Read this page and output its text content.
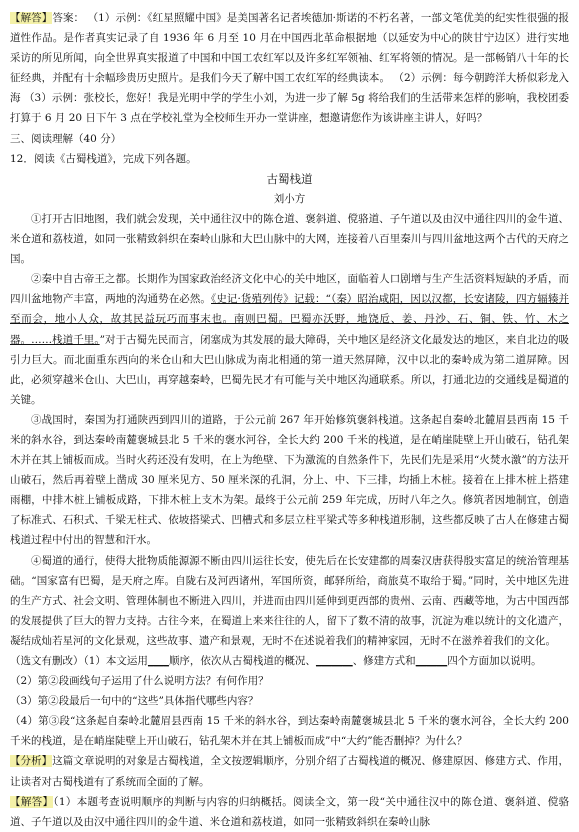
【解答】答案： （1）示例：《红星照耀中国》是美国著名记者埃德加·斯诺的不朽名著，一部文笔优美的纪实性很强的报道性作品。是作者真实记录了自 1936 年 6 月至 10 月在中国西北革命根据地（以延安为中心的陕甘宁边区）进行实地采访的所见所闻，向全世界真实报道了中国和中国工农红军以及许多红军领袖、红军将领的情况。是一部畅销八十年的长征经典，并配有十余幅珍贵历史照片。是我们今天了解中国工农红军的经典读本。 （2）示例：每今朝跨洋大桥似彩龙入海 （3）示例：张校长，您好！我是光明中学的学生小刘，为进一步了解 5g 将给我们的生活带来怎样的影响，我校团委打算于 6 月 20 日下午 3 点在学校礼堂为全校师生开办一堂讲座，想邀请您作为该讲座主讲人，好吗？

三、阅读理解（40 分）

12．阅读《古蜀栈道》，完成下列各题。

古蜀栈道

刘小方

①打开古旧地图，我们就会发现，关中通往汉中的陈仓道、褒斜道、傥骆道、子午道以及由汉中通往四川的金牛道、米仓道和荔枝道，如同一张精致斜织在秦岭山脉和大巴山脉中的大网，连接着八百里秦川与四川盆地这两个古代的天府之国。

②秦中自古帝王之都。长期作为国家政治经济文化中心的关中地区，面临着人口剧增与生产生活资料短缺的矛盾，而四川盆地物产丰富，两地的沟通势在必然。《史记·货殖列传》记载：“（秦）昭治咸阳，因以汉都，长安诸陵，四方辐辏并至而会，地小人众，故其民益玩巧而事末也。南则巴蜀。巴蜀亦沃野，地饶卮、姜、丹沙、石、铜、铁、竹、木之器。……栈道千里。”对于古蜀先民而言，闭塞成为其发展的最大障碍，关中地区是经济文化最发达的地区，来自北边的吸引力巨大。而北面重东西向的米仓山和大巴山脉成为南北相通的第一道天然屏障，汉中以北的秦岭成为第二道屏障。因此，必须穿越米仓山、大巴山，再穿越秦岭，巴蜀先民才有可能与关中地区沟通联系。所以，打通北边的交通线是蜀道的关键。

③战国时，秦国为打通陕西到四川的道路，于公元前 267 年开始修筑褒斜栈道。这条起自秦岭北麓眉县西南 15 千米的斜水谷，到达秦岭南麓褒城县北 5 千米的褒水河谷，全长大约 200 千米的栈道，是在峭崖陡壁上开山破石，钻孔架木并在其上铺板而成。当时火药还没有发明，在上为绝壁、下为激流的自然条件下，先民们先是采用“火焚水激”的方法开山破石，然后再着壁上凿成 30 厘米见方、50 厘米深的孔洞，分上、中、下三排，均插上木桩。接着在上排木桩上搭建雨棚，中排木桩上铺板成路，下排木桩上支木为架。最终于公元前 259 年完成，历时八年之久。修筑者因地制宜，创造了标准式、石积式、千梁无柱式、依坡搭梁式、凹槽式和多层立柱平梁式等多种栈道形制，这些都反映了古人在修建古蜀栈道过程中付出的智慧和汗水。

④蜀道的通行，使得大批物质能源源不断由四川运往长安，使先后在长安建都的周秦汉唐获得殷实富足的统治管理基础。“国家富有巴蜀，是天府之库。自陇右及河西诸州，军国所资，邮驿所给，商旅莫不取给于蜀。”同时，关中地区先进的生产方式、社会文明、管理体制也不断进入四川，并进而由四川延伸到更西部的贵州、云南、西藏等地，为古中国西部的发展提供了巨大的智力支持。古往今来，在蜀道上来来往往的人，留下了数不清的故事，沉淀为难以统计的文化遗产，凝结成灿若星河的文化景观，这些故事、遗产和景观，无时不在述说着我们的精神家园，无时不在滋养着我们的文化。

（选文有删改）（1）本文运用____顺序，依次从古蜀栈道的概况、_______、修建方式和______四个方面加以说明。

（2）第②段画线句子运用了什么说明方法？有何作用？

（3）第②段最后一句中的“这些”具体指代哪些内容？

（4）第③段“这条起自秦岭北麓眉县西南 15 千米的斜水谷，到达秦岭南麓褒城县北 5 千米的褒水河谷，全长大约 200 千米的栈道，是在峭崖陡壁上开山破石，钻孔架木并在其上铺板而成”中“大约”能否删掉？为什么？

【分析】这篇文章说明的对象是古蜀栈道，全文按逻辑顺序，分别介绍了古蜀栈道的概况、修建原因、修建方式、作用，让读者对古蜀栈道有了系统而全面的了解。

【解答】（1）本题考查说明顺序的判断与内容的归纳概括。阅读全文，第一段“关中通往汉中的陈仓道、褒斜道、傥骆道、子午道以及由汉中通往四川的金牛道、米仓道和荔枝道，如同一张精致斜织在秦岭山脉
